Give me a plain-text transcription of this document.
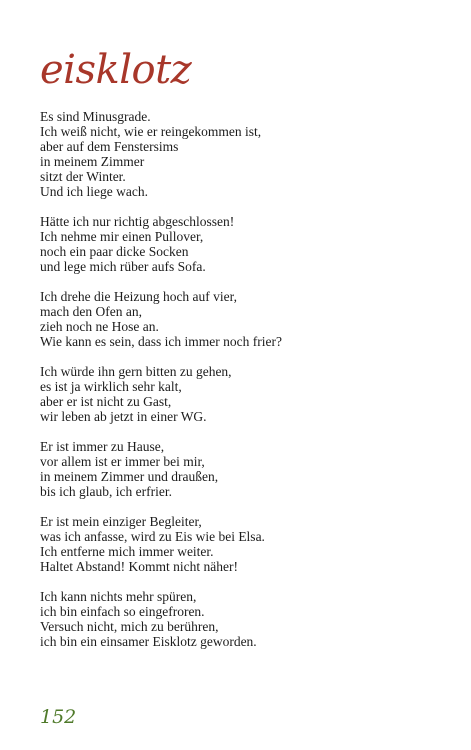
eisklotz
Es sind Minusgrade.
Ich weiß nicht, wie er reingekommen ist,
aber auf dem Fenstersims
in meinem Zimmer
sitzt der Winter.
Und ich liege wach.
Hätte ich nur richtig abgeschlossen!
Ich nehme mir einen Pullover,
noch ein paar dicke Socken
und lege mich rüber aufs Sofa.
Ich drehe die Heizung hoch auf vier,
mach den Ofen an,
zieh noch ne Hose an.
Wie kann es sein, dass ich immer noch frier?
Ich würde ihn gern bitten zu gehen,
es ist ja wirklich sehr kalt,
aber er ist nicht zu Gast,
wir leben ab jetzt in einer WG.
Er ist immer zu Hause,
vor allem ist er immer bei mir,
in meinem Zimmer und draußen,
bis ich glaub, ich erfrier.
Er ist mein einziger Begleiter,
was ich anfasse, wird zu Eis wie bei Elsa.
Ich entferne mich immer weiter.
Haltet Abstand! Kommt nicht näher!
Ich kann nichts mehr spüren,
ich bin einfach so eingefroren.
Versuch nicht, mich zu berühren,
ich bin ein einsamer Eisklotz geworden.
152
